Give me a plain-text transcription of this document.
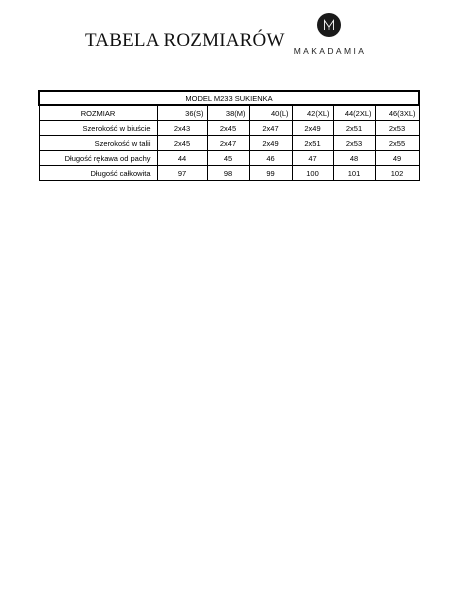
TABELA ROZMIARÓW	MAKADAMIA
MODEL M233 SUKIENKA						
ROZMIAR	36(S)	38(M)	40(L)	42(XL)	44(2XL)	46(3XL)
Szerokość w biuście	2x43	2x45	2x47	2x49	2x51	2x53
Szerokość w talii	2x45	2x47	2x49	2x51	2x53	2x55
Długość rękawa od pachy	44	45	46	47	48	49
Długość całkowita	97	98	99	100	101	102
